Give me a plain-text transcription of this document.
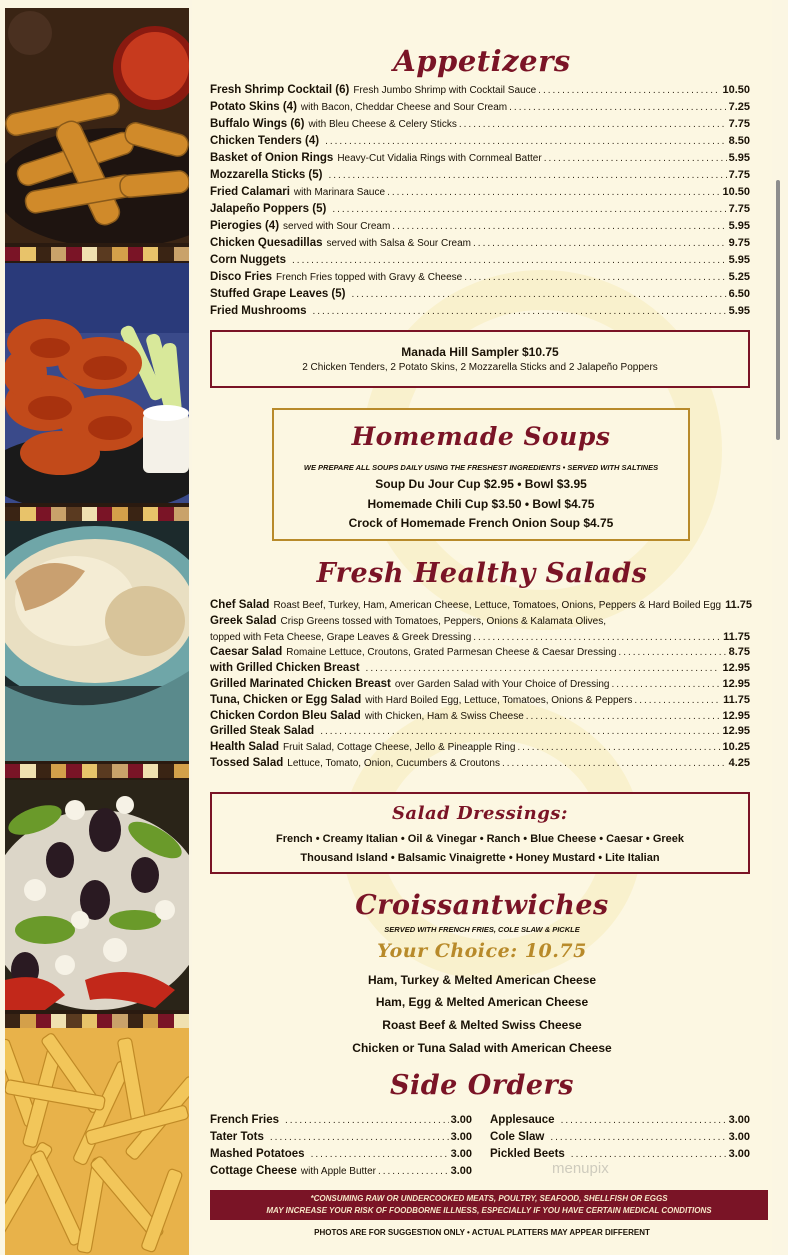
Appetizers
Fresh Shrimp Cocktail (6) Fresh Jumbo Shrimp with Cocktail Sauce .....	10.50
Potato Skins (4) with Bacon, Cheddar Cheese and Sour Cream .....	7.25
Buffalo Wings (6) with Bleu Cheese & Celery Sticks .....	7.75
Chicken Tenders (4) .....	8.50
Basket of Onion Rings Heavy-Cut Vidalia Rings with Cornmeal Batter .....	5.95
Mozzarella Sticks (5) .....	7.75
Fried Calamari with Marinara Sauce .....	10.50
Jalapeño Poppers (5) .....	7.75
Pierogies (4) served with Sour Cream .....	5.95
Chicken Quesadillas served with Salsa & Sour Cream .....	9.75
Corn Nuggets .....	5.95
Disco Fries French Fries topped with Gravy & Cheese .....	5.25
Stuffed Grape Leaves (5) .....	6.50
Fried Mushrooms .....	5.95
Manada Hill Sampler $10.75
2 Chicken Tenders, 2 Potato Skins, 2 Mozzarella Sticks and 2 Jalapeño Poppers
Homemade Soups
WE PREPARE ALL SOUPS DAILY USING THE FRESHEST INGREDIENTS • SERVED WITH SALTINES
Soup Du Jour Cup $2.95 • Bowl $3.95
Homemade Chili Cup $3.50 • Bowl $4.75
Crock of Homemade French Onion Soup $4.75
Fresh Healthy Salads
Chef Salad Roast Beef, Turkey, Ham, American Cheese, Lettuce, Tomatoes, Onions, Peppers & Hard Boiled Egg 11.75
Greek Salad Crisp Greens tossed with Tomatoes, Peppers, Onions & Kalamata Olives,
topped with Feta Cheese, Grape Leaves & Greek Dressing .....	11.75
Caesar Salad Romaine Lettuce, Croutons, Grated Parmesan Cheese & Caesar Dressing .....	8.75
with Grilled Chicken Breast .....	12.95
Grilled Marinated Chicken Breast over Garden Salad with Your Choice of Dressing .....	12.95
Tuna, Chicken or Egg Salad with Hard Boiled Egg, Lettuce, Tomatoes, Onions & Peppers .....	11.75
Chicken Cordon Bleu Salad with Chicken, Ham & Swiss Cheese .....	12.95
Grilled Steak Salad .....	12.95
Health Salad Fruit Salad, Cottage Cheese, Jello & Pineapple Ring .....	10.25
Tossed Salad Lettuce, Tomato, Onion, Cucumbers & Croutons .....	4.25
Salad Dressings:
French • Creamy Italian • Oil & Vinegar • Ranch • Blue Cheese • Caesar • Greek
Thousand Island • Balsamic Vinaigrette • Honey Mustard • Lite Italian
Croissantwiches
SERVED WITH FRENCH FRIES, COLE SLAW & PICKLE
Your Choice: 10.75
Ham, Turkey & Melted American Cheese
Ham, Egg & Melted American Cheese
Roast Beef & Melted Swiss Cheese
Chicken or Tuna Salad with American Cheese
Side Orders
French Fries .....	3.00
Tater Tots .....	3.00
Mashed Potatoes .....	3.00
Cottage Cheese with Apple Butter .....	3.00
Applesauce .....	3.00
Cole Slaw .....	3.00
Pickled Beets .....	3.00
menupix
*CONSUMING RAW OR UNDERCOOKED MEATS, POULTRY, SEAFOOD, SHELLFISH OR EGGS
MAY INCREASE YOUR RISK OF FOODBORNE ILLNESS, ESPECIALLY IF YOU HAVE CERTAIN MEDICAL CONDITIONS
PHOTOS ARE FOR SUGGESTION ONLY • ACTUAL PLATTERS MAY APPEAR DIFFERENT
